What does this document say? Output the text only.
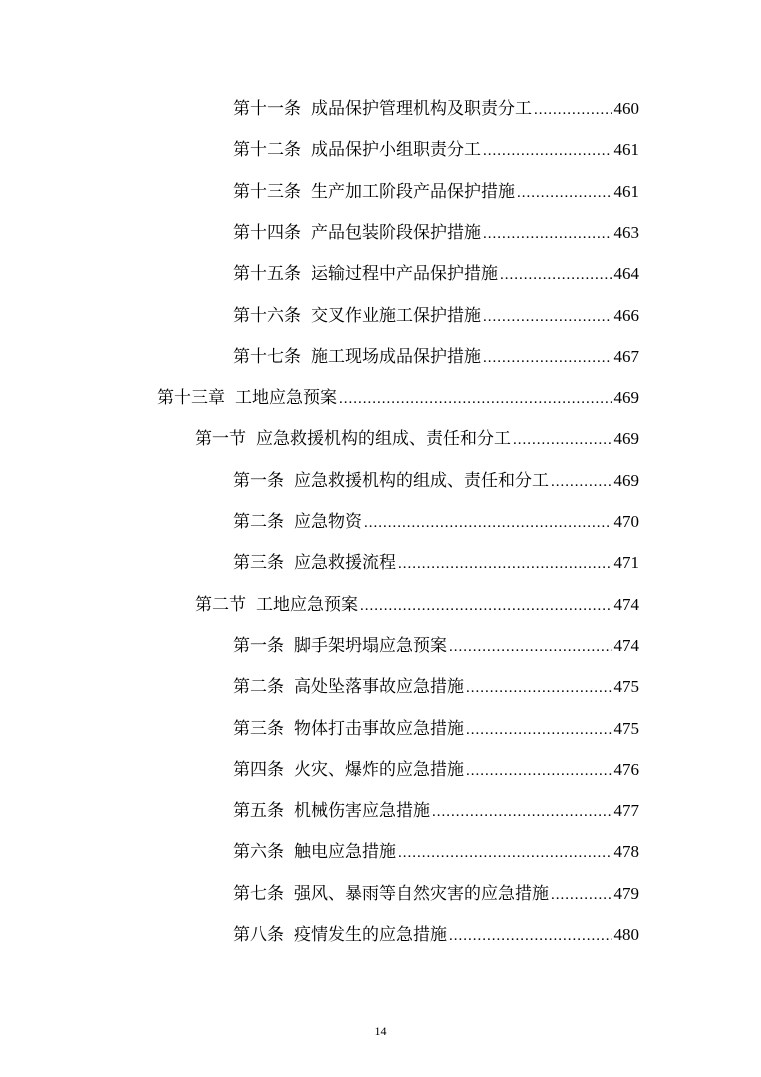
第十一条 成品保护管理机构及职责分工 .....	460
第十二条 成品保护小组职责分工 .....	461
第十三条 生产加工阶段产品保护措施 .....	461
第十四条 产品包装阶段保护措施 .....	463
第十五条 运输过程中产品保护措施 .....	464
第十六条 交叉作业施工保护措施 .....	466
第十七条 施工现场成品保护措施 .....	467
第十三章 工地应急预案 .....	469
第一节 应急救援机构的组成、责任和分工 .....	469
第一条 应急救援机构的组成、责任和分工 .....	469
第二条 应急物资 .....	470
第三条 应急救援流程 .....	471
第二节 工地应急预案 .....	474
第一条 脚手架坍塌应急预案 .....	474
第二条 高处坠落事故应急措施 .....	475
第三条 物体打击事故应急措施 .....	475
第四条 火灾、爆炸的应急措施 .....	476
第五条 机械伤害应急措施 .....	477
第六条 触电应急措施 .....	478
第七条 强风、暴雨等自然灾害的应急措施 .....	479
第八条 疫情发生的应急措施 .....	480
14
